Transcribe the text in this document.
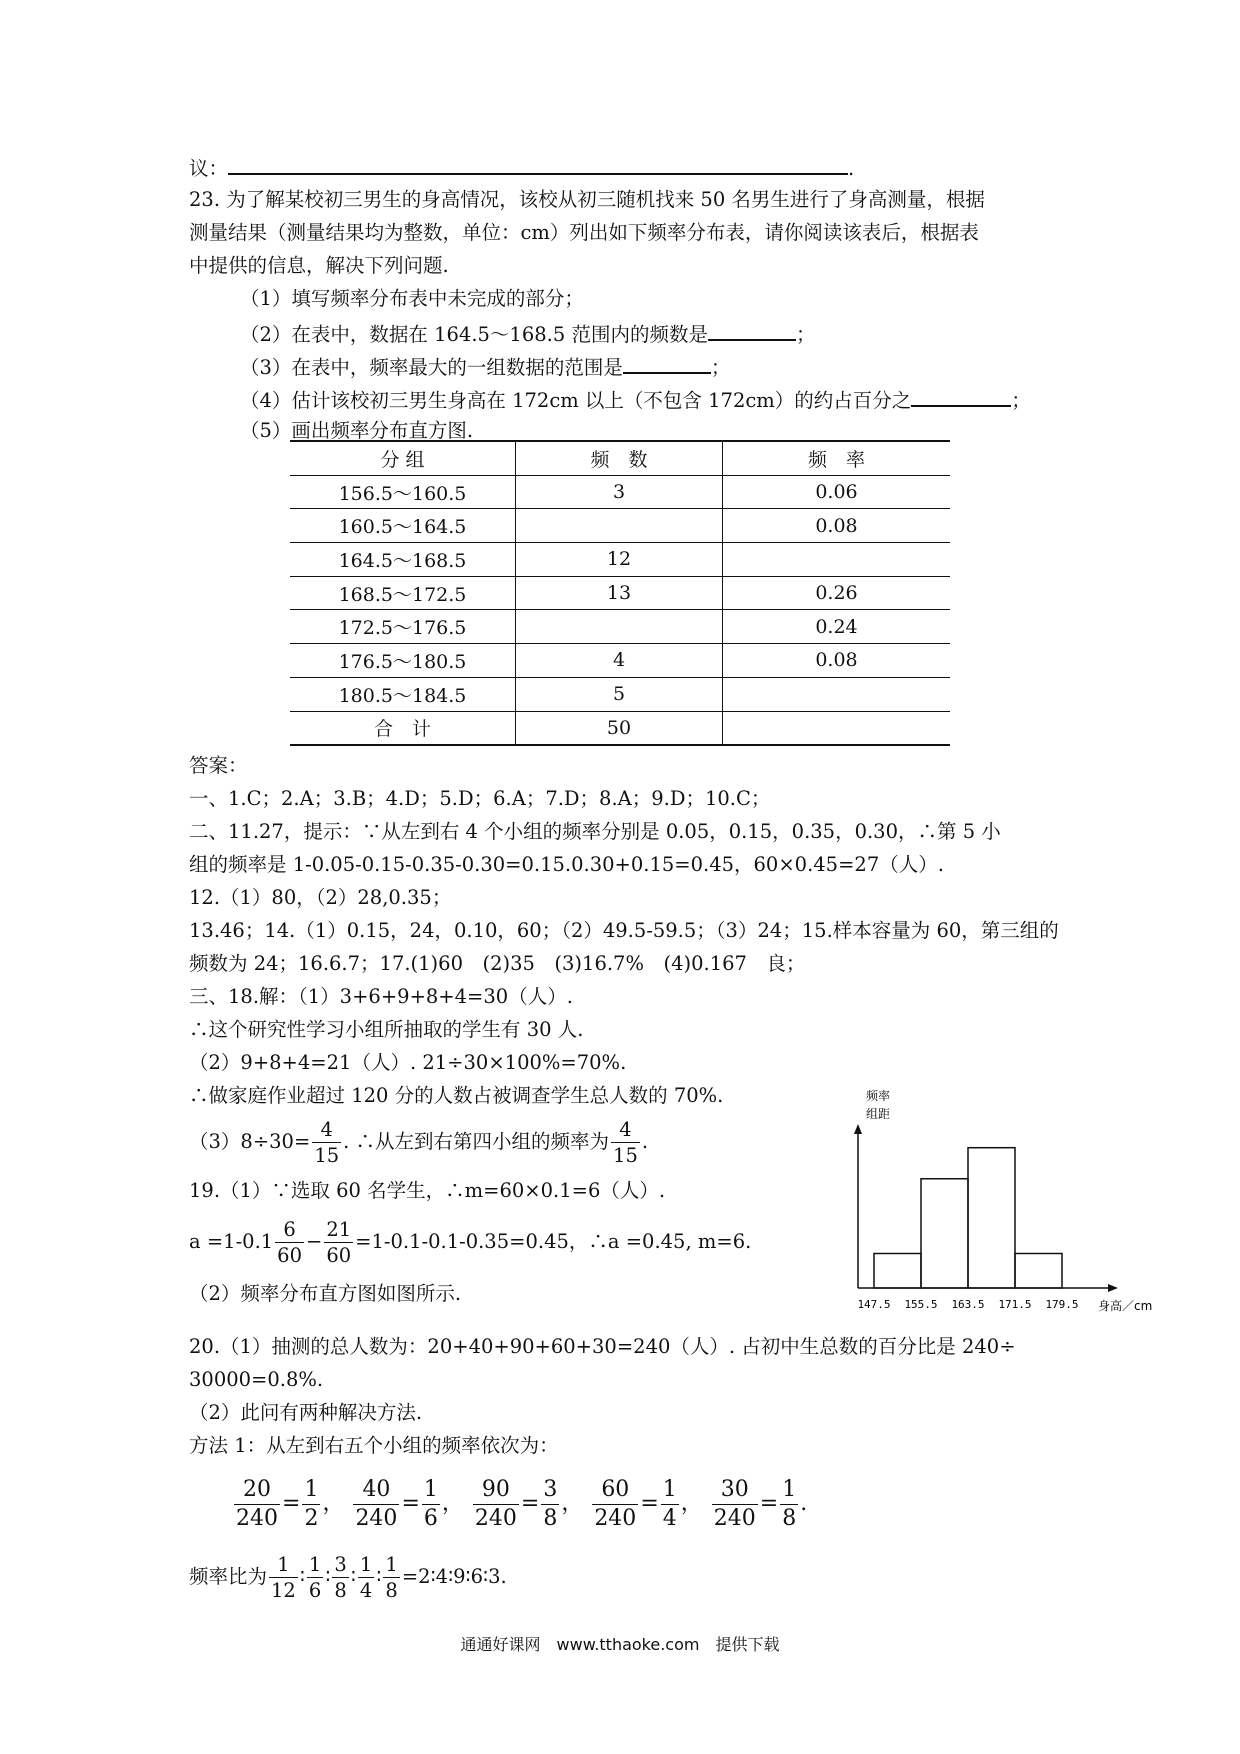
议：	.
23. 为了解某校初三男生的身高情况，该校从初三随机找来 50 名男生进行了身高测量，根据
测量结果（测量结果均为整数，单位：cm）列出如下频率分布表，请你阅读该表后，根据表
中提供的信息，解决下列问题.
（1）填写频率分布表中未完成的部分；
（2）在表中，数据在 164.5～168.5 范围内的频数是	；
（3）在表中，频率最大的一组数据的范围是	；
（4）估计该校初三男生身高在 172cm 以上（不包含 172cm）的约占百分之	；
（5）画出频率分布直方图.
分 组	频　数	频　率
156.5～160.5	3	0.06
160.5～164.5		0.08
164.5～168.5	12	
168.5～172.5	13	0.26
172.5～176.5		0.24
176.5～180.5	4	0.08
180.5～184.5	5	
合　计	50	
答案：
一、1.C；2.A；3.B；4.D；5.D；6.A；7.D；8.A；9.D；10.C；
二、11.27，提示：∵从左到右 4 个小组的频率分别是 0.05，0.15，0.35，0.30，∴第 5 小
组的频率是 1-0.05-0.15-0.35-0.30=0.15.0.30+0.15=0.45，60×0.45=27（人）.
12.（1）80，（2）28,0.35；
13.46；14.（1）0.15，24，0.10，60；（2）49.5-59.5；（3）24；15.样本容量为 60，第三组的
频数为 24；16.6.7；17.(1)60　(2)35　(3)16.7%　(4)0.167　良；
三、18.解：（1）3+6+9+8+4=30（人）.
∴这个研究性学习小组所抽取的学生有 30 人.
（2）9+8+4=21（人）. 21÷30×100%=70%.
∴做家庭作业超过 120 分的人数占被调查学生总人数的 70%.
$(3)8\div 30= \frac{4}{15}$ . ∴从左到右第四小组的频率为 $\frac{4}{15}$ .
19.（1）∵选取 60 名学生，∴m=60×0.1=6（人）.
$a =1-0.1 \frac{6}{60} - \frac{21}{60} =1-0.1-0.1-0.35=0.45$，∴a =0.45, m=6.
（2）频率分布直方图如图所示.
频率
组距
身高／cm
147.5 155.5 163.5 171.5 179.5
20.（1）抽测的总人数为：20+40+90+60+30=240（人）. 占初中生总数的百分比是 240÷
30000=0.8%.
（2）此问有两种解决方法.
方法 1：从左到右五个小组的频率依次为：
$\frac{20}{240} = \frac{1}{2}$ ， $\frac{40}{240} = \frac{1}{6}$ ， $\frac{90}{240} = \frac{3}{8}$ ， $\frac{60}{240} = \frac{1}{4}$ ， $\frac{30}{240} = \frac{1}{8}$ .
频率比为 $\frac{1}{12}$ ∶ $\frac{1}{6}$ ∶ $\frac{3}{8}$ ∶ $\frac{1}{4}$ ∶ $\frac{1}{8}$ =2∶4∶9∶6∶3.
通通好课网　www.tthaoke.com　提供下载
